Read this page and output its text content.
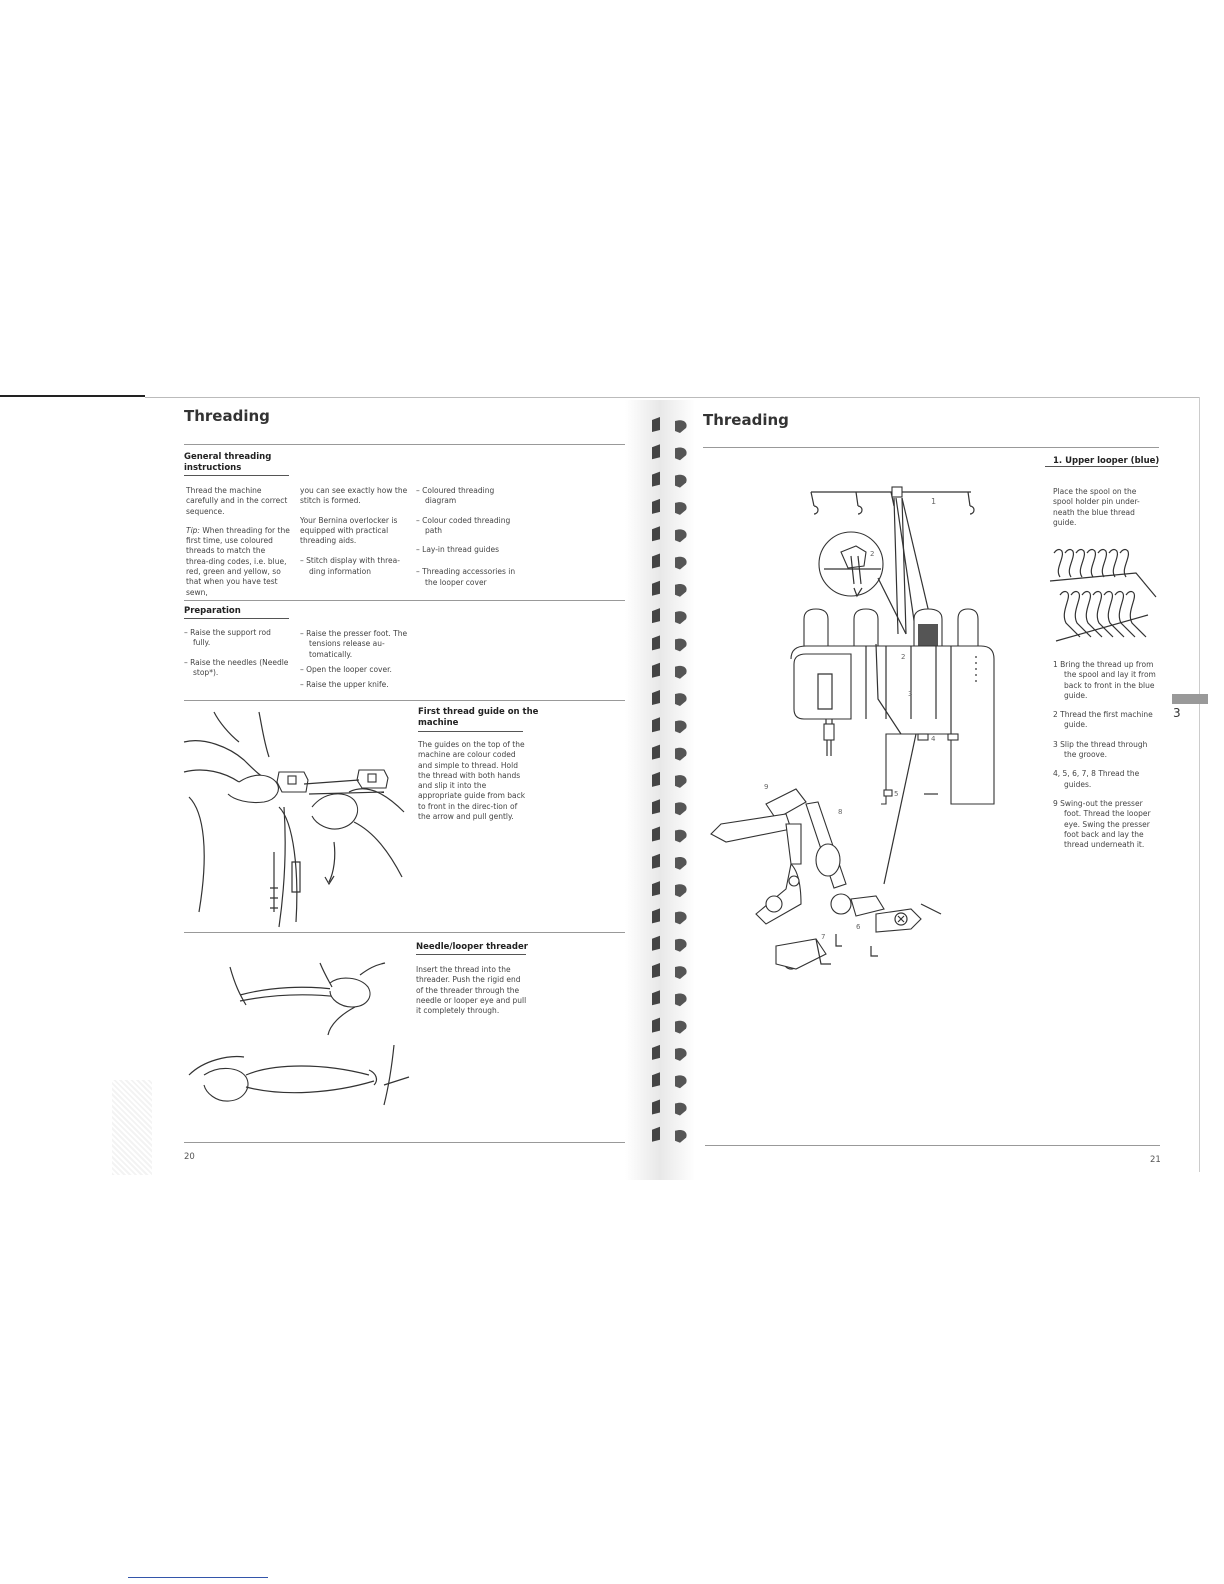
Threading
General threading
instructions

Thread the machine carefully and in the correct sequence.

Tip: When threading for the first time, use coloured threads to match the threa-ding codes, i.e. blue, red, green and yellow, so that when you have test sewn,

you can see exactly how the stitch is formed.

Your Bernina overlocker is equipped with practical threading aids.

– Stitch display with threa-ding information

– Coloured threading diagram

– Colour coded threading path

– Lay-in thread guides

– Threading accessories in the looper cover

Preparation

– Raise the support rod fully.

– Raise the needles (Needle stop*).

– Raise the presser foot. The tensions release au-tomatically.

– Open the looper cover.

– Raise the upper knife.

First thread guide on the
machine
The guides on the top of the machine are colour coded and simple to thread. Hold the thread with both hands and slip it into the appropriate guide from back to front in the direc-tion of the arrow and pull gently.
Needle/looper threader
Insert the thread into the threader. Push the rigid end of the threader through the needle or looper eye and pull it completely through.
20
Threading
1
2
2
3
4
5
9
8
6
7
1. Upper looper (blue)
Place the spool on the spool holder pin under-neath the blue thread guide.

1 Bring the thread up from the spool and lay it from back to front in the blue guide.

2 Thread the first machine guide.

3 Slip the thread through the groove.

4, 5, 6, 7, 8 Thread the guides.

9 Swing-out the presser foot. Thread the looper eye. Swing the presser foot back and lay the thread underneath it.

3
21
